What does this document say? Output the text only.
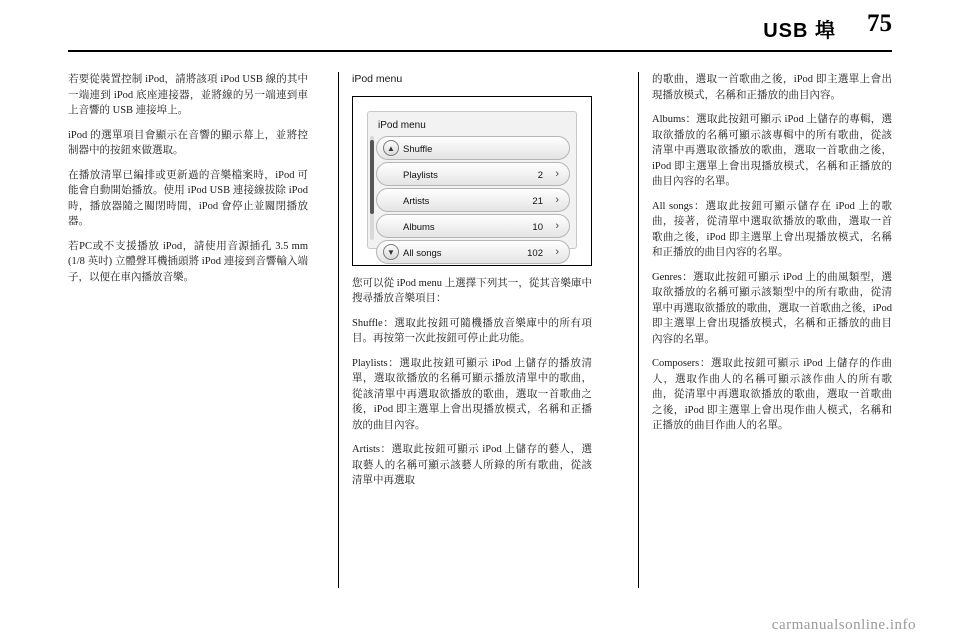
USB 埠 75

若要從裝置控制 iPod，請將該項 iPod USB 線的其中一端連到 iPod 底座連接器，並將線的另一端連到車上音響的 USB 連接埠上。

iPod 的選單項目會顯示在音響的顯示幕上，並將控制器中的按鈕來做選取。

在播放清單已編排或更新過的音樂檔案時，iPod 可能會自動開始播放。使用 iPod USB 連接線拔除 iPod 時，播放器隨之關閉時間，iPod 會停止並關閉播放器。

若PC或不支援播放 iPod，請使用音源插孔 3.5 mm (1/8 英吋) 立體聲耳機插頭將 iPod 連接到音響輸入端子，以便在車內播放音樂。

iPod menu
iPod menu
▲ Shuffle
Playlists	2 ›
Artists	21 ›
Albums	10 ›
▼ All songs	102 ›

您可以從 iPod menu 上選擇下列其一，從其音樂庫中搜尋播放音樂項目：

Shuffle：選取此按鈕可隨機播放音樂庫中的所有項目。再按第一次此按鈕可停止此功能。

Playlists：選取此按鈕可顯示 iPod 上儲存的播放清單，選取欲播放的名稱可顯示播放清單中的歌曲，從該清單中再選取欲播放的歌曲，選取一首歌曲之後，iPod 即主選單上會出現播放模式，名稱和正播放的曲目內容。

Artists：選取此按鈕可顯示 iPod 上儲存的藝人，選取藝人的名稱可顯示該藝人所錄的所有歌曲，從該清單中再選取

的歌曲，選取一首歌曲之後，iPod 即主選單上會出現播放模式，名稱和正播放的曲目內容。

Albums：選取此按鈕可顯示 iPod 上儲存的專輯，選取欲播放的名稱可顯示該專輯中的所有歌曲，從該清單中再選取欲播放的歌曲，選取一首歌曲之後，iPod 即主選單上會出現播放模式，名稱和正播放的曲目內容的名單。

All songs：選取此按鈕可顯示儲存在 iPod 上的歌曲，接著，從清單中選取欲播放的歌曲，選取一首歌曲之後，iPod 即主選單上會出現播放模式，名稱和正播放的曲目內容的名單。

Genres：選取此按鈕可顯示 iPod 上的曲風類型，選取欲播放的名稱可顯示該類型中的所有歌曲，從清單中再選取欲播放的歌曲，選取一首歌曲之後，iPod 即主選單上會出現播放模式，名稱和正播放的曲目內容的名單。

Composers：選取此按鈕可顯示 iPod 上儲存的作曲人，選取作曲人的名稱可顯示該作曲人的所有歌曲，從清單中再選取欲播放的歌曲，選取一首歌曲之後，iPod 即主選單上會出現作曲人模式，名稱和正播放的曲目作曲人的名單。

carmanualsonline.info
